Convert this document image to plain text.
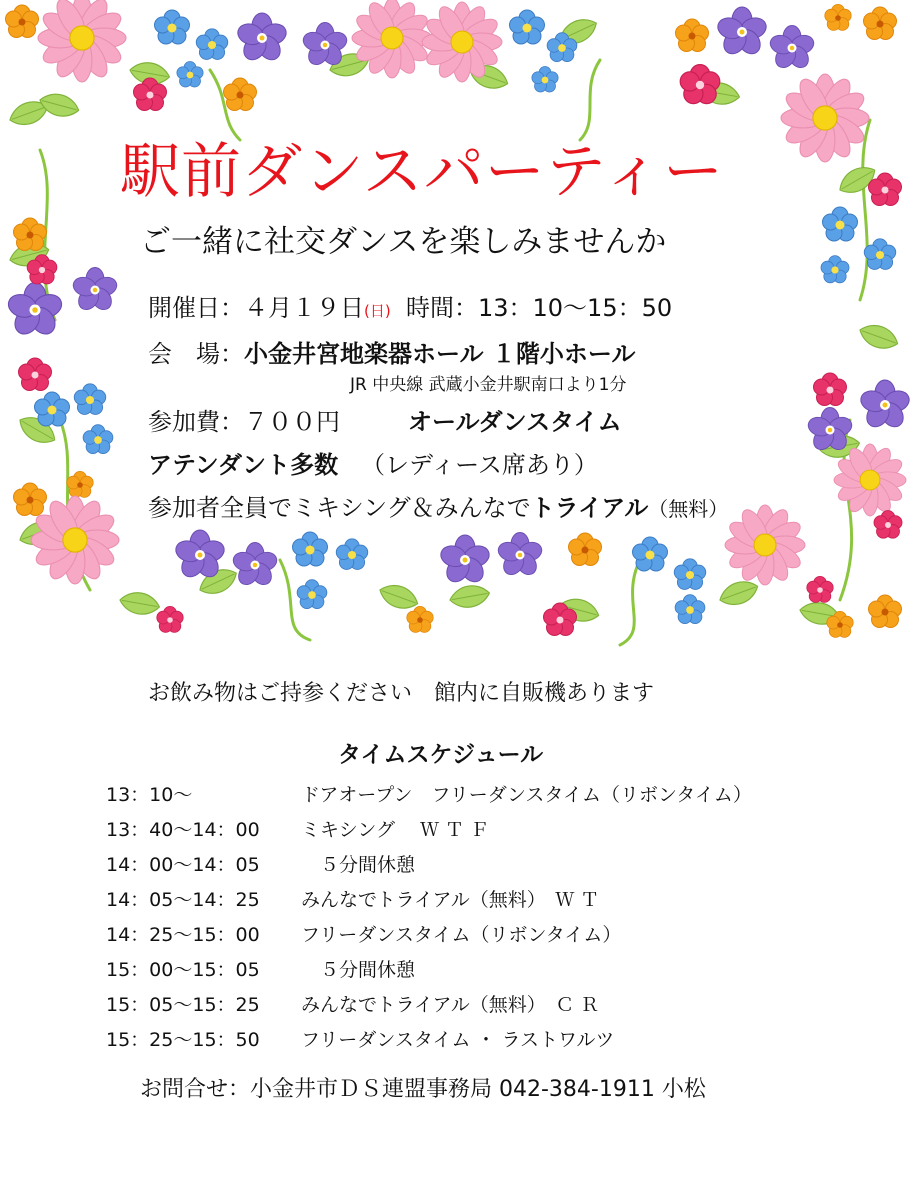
駅前ダンスパーティー
ご一緒に社交ダンスを楽しみませんか
開催日：４月１９日(日) 時間：13：10～15：50
会　場：小金井宮地楽器ホール １階小ホール
JR 中央線 武蔵小金井駅南口より1分
参加費：７００円	オールダンスタイム
アテンダント多数 （レディース席あり）
参加者全員でミキシング＆みんなでトライアル（無料）
お飲み物はご持参ください　館内に自販機あります
タイムスケジュール
13：10～	ドアオープン　フリーダンスタイム（リボンタイム）
13：40～14：00 ミキシング　 Ｗ Ｔ Ｆ
14：00～14：05 　５分間休憩
14：05～14：25 みんなでトライアル（無料）　Ｗ Ｔ
14：25～15：00 フリーダンスタイム（リボンタイム）
15：00～15：05 　５分間休憩
15：05～15：25 みんなでトライアル（無料）　Ｃ Ｒ
15：25～15：50 フリーダンスタイム ・ ラストワルツ
お問合せ：小金井市ＤＳ連盟事務局 042-384-1911 小松
